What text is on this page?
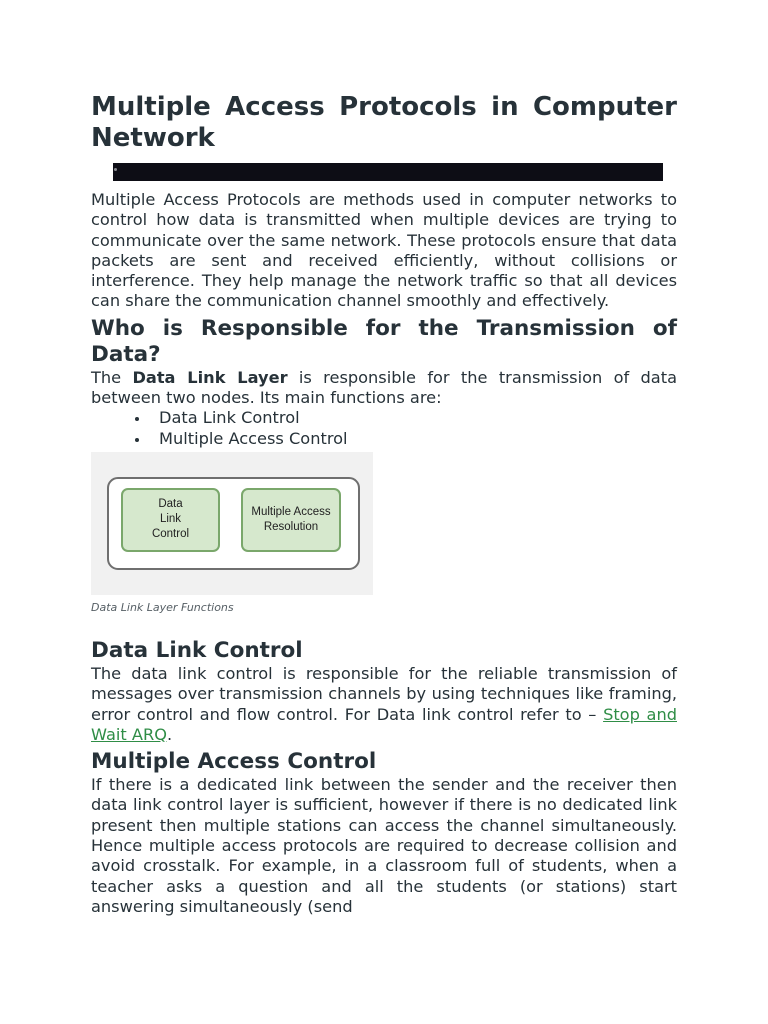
Multiple Access Protocols in Computer Network

Multiple Access Protocols are methods used in computer networks to control how data is transmitted when multiple devices are trying to communicate over the same network. These protocols ensure that data packets are sent and received efficiently, without collisions or interference. They help manage the network traffic so that all devices can share the communication channel smoothly and effectively.

Who is Responsible for the Transmission of Data?

The Data Link Layer is responsible for the transmission of data between two nodes. Its main functions are:

Data Link Control
Multiple Access Control
Data
Link
Control
Multiple Access
Resolution
Data Link Layer Functions
Data Link Control

The data link control is responsible for the reliable transmission of messages over transmission channels by using techniques like framing, error control and flow control. For Data link control refer to – Stop and Wait ARQ.

Multiple Access Control

If there is a dedicated link between the sender and the receiver then data link control layer is sufficient, however if there is no dedicated link present then multiple stations can access the channel simultaneously. Hence multiple access protocols are required to decrease collision and avoid crosstalk. For example, in a classroom full of students, when a teacher asks a question and all the students (or stations) start answering simultaneously (send
